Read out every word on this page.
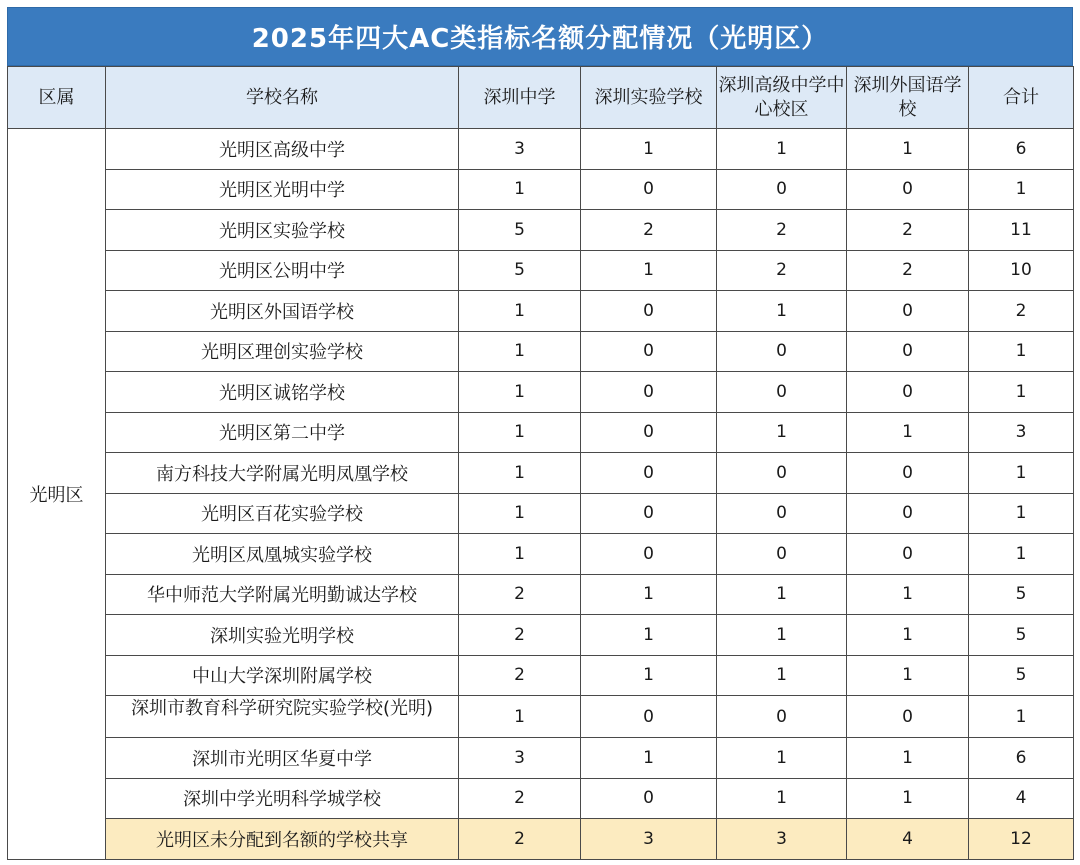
2025年四大AC类指标名额分配情况（光明区）
区属	学校名称	深圳中学	深圳实验学校	深圳高级中学中心校区	深圳外国语学校	合计
光明区	光明区高级中学	3	1	1	1	6
	光明区光明中学	1	0	0	0	1
	光明区实验学校	5	2	2	2	11
	光明区公明中学	5	1	2	2	10
	光明区外国语学校	1	0	1	0	2
	光明区理创实验学校	1	0	0	0	1
	光明区诚铭学校	1	0	0	0	1
	光明区第二中学	1	0	1	1	3
	南方科技大学附属光明凤凰学校	1	0	0	0	1
	光明区百花实验学校	1	0	0	0	1
	光明区凤凰城实验学校	1	0	0	0	1
	华中师范大学附属光明勤诚达学校	2	1	1	1	5
	深圳实验光明学校	2	1	1	1	5
	中山大学深圳附属学校	2	1	1	1	5
	深圳市教育科学研究院实验学校(光明)	1	0	0	0	1
	深圳市光明区华夏中学	3	1	1	1	6
	深圳中学光明科学城学校	2	0	1	1	4
	光明区未分配到名额的学校共享	2	3	3	4	12
